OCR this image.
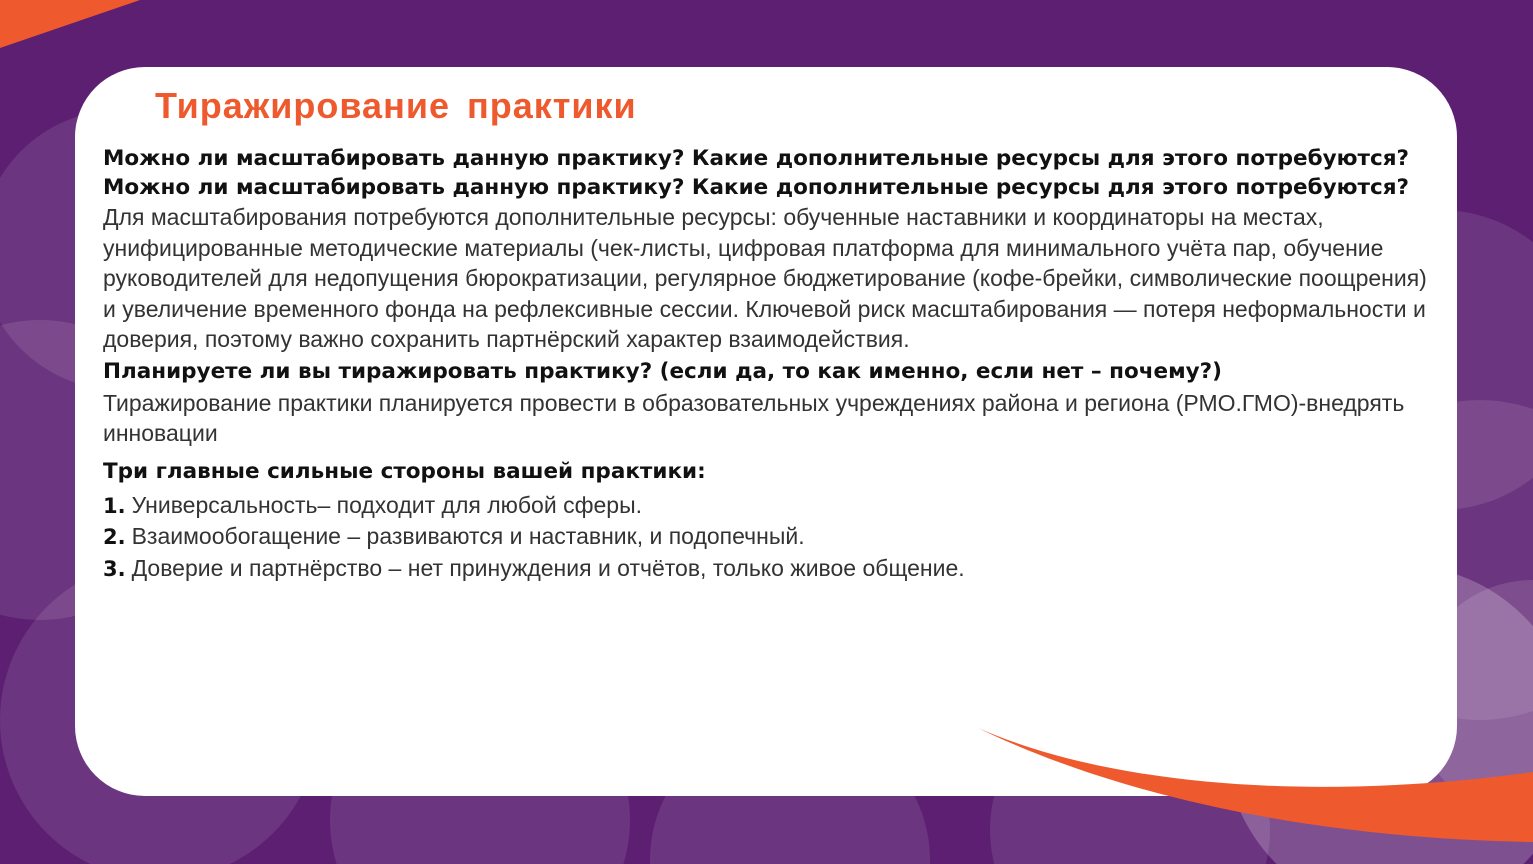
Тиражирование практики

Можно ли масштабировать данную практику? Какие дополнительные ресурсы для этого потребуются? Можно ли масштабировать данную практику? Какие дополнительные ресурсы для этого потребуются?

Для масштабирования потребуются дополнительные ресурсы: обученные наставники и координаторы на местах, унифицированные методические материалы (чек-листы, цифровая платформа для минимального учёта пар, обучение руководителей для недопущения бюрократизации, регулярное бюджетирование (кофе-брейки, символические поощрения) и увеличение временного фонда на рефлексивные сессии. Ключевой риск масштабирования — потеря неформальности и доверия, поэтому важно сохранить партнёрский характер взаимодействия.

Планируете ли вы тиражировать практику? (если да, то как именно, если нет – почему?)

Тиражирование практики планируется провести в образовательных учреждениях района и региона (РМО.ГМО)-внедрять инновации

Три главные сильные стороны вашей практики:

1. Универсальность– подходит для любой сферы.
2. Взаимообогащение – развиваются и наставник, и подопечный.
3. Доверие и партнёрство – нет принуждения и отчётов, только живое общение.
